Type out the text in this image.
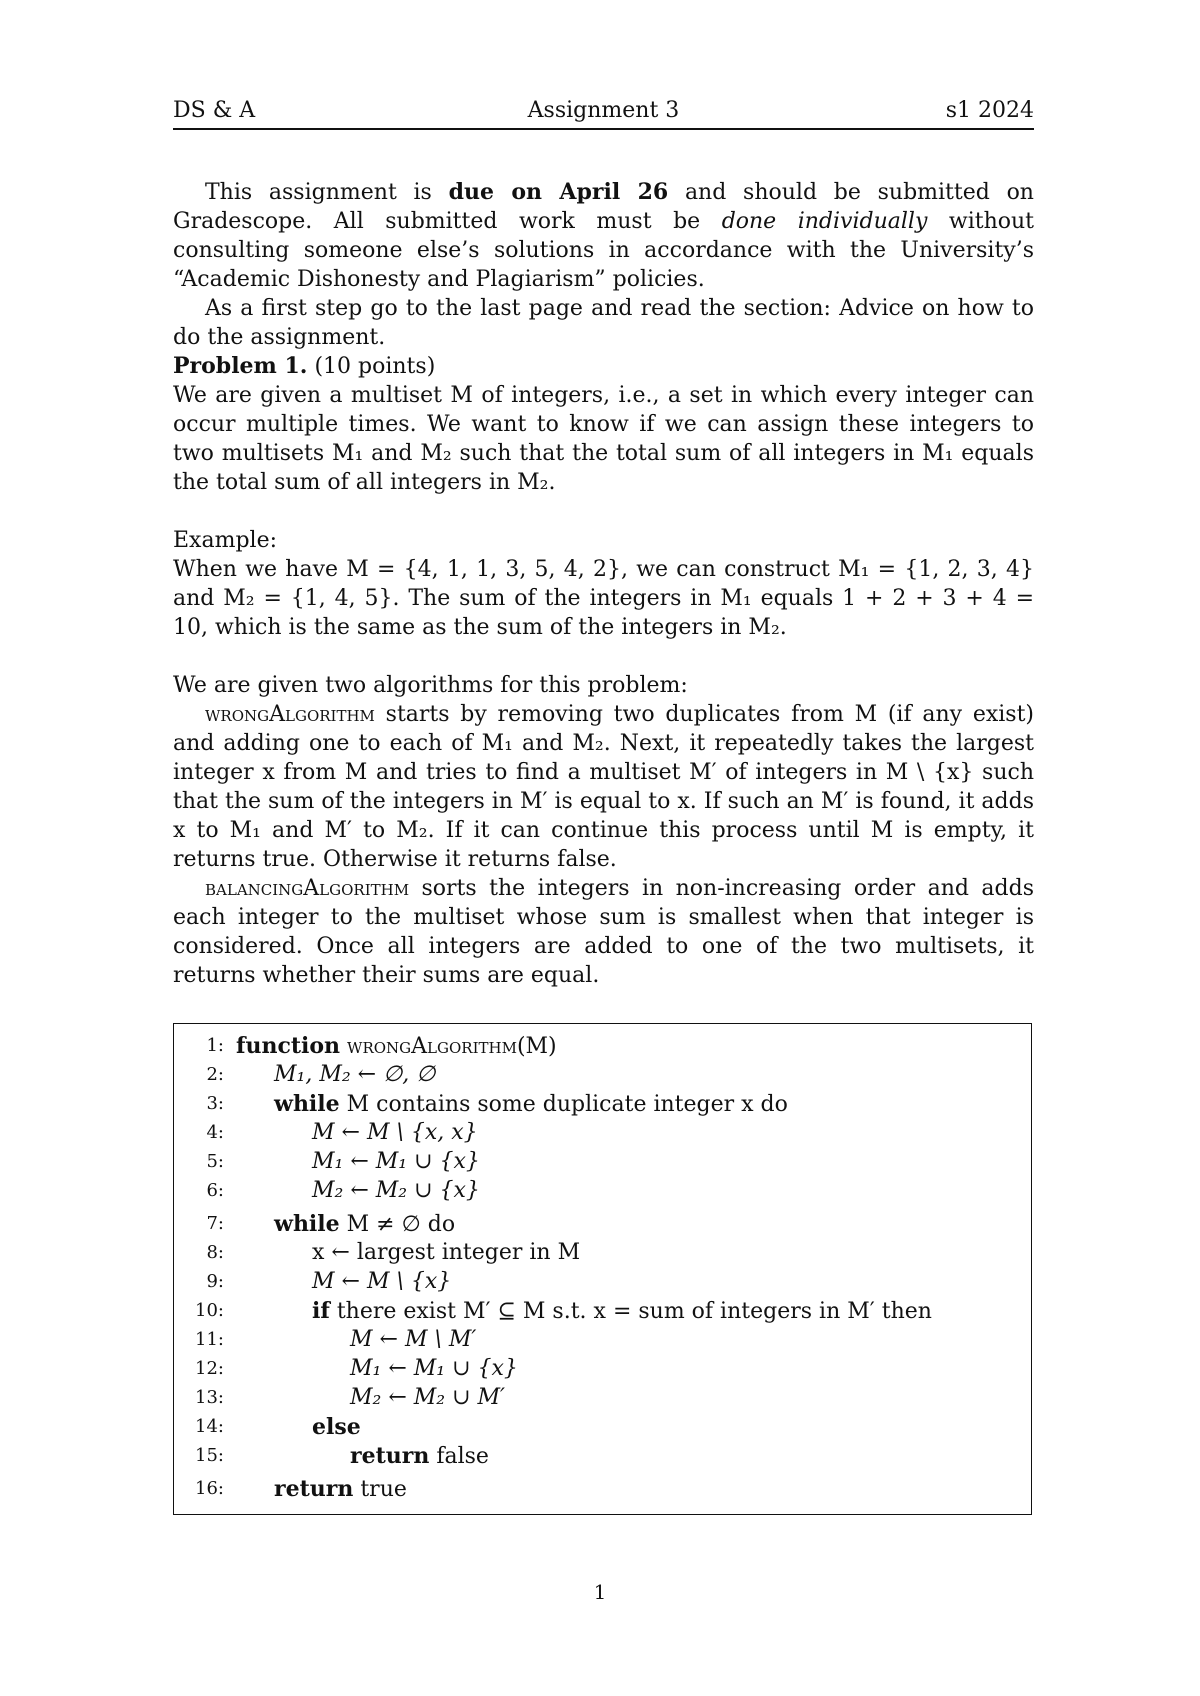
DS & A	Assignment 3	s1 2024

This assignment is due on April 26 and should be submitted on Gradescope. All submitted work must be done individually without consulting someone else’s solutions in accordance with the University’s “Academic Dishonesty and Plagiarism” policies.

As a first step go to the last page and read the section: Advice on how to do the assignment.

Problem 1. (10 points)

We are given a multiset M of integers, i.e., a set in which every integer can occur multiple times. We want to know if we can assign these integers to two multisets M₁ and M₂ such that the total sum of all integers in M₁ equals the total sum of all integers in M₂.

Example:

When we have M = {4, 1, 1, 3, 5, 4, 2}, we can construct M₁ = {1, 2, 3, 4} and M₂ = {1, 4, 5}. The sum of the integers in M₁ equals 1 + 2 + 3 + 4 = 10, which is the same as the sum of the integers in M₂.

We are given two algorithms for this problem:

wrongAlgorithm starts by removing two duplicates from M (if any exist) and adding one to each of M₁ and M₂. Next, it repeatedly takes the largest integer x from M and tries to find a multiset M′ of integers in M \ {x} such that the sum of the integers in M′ is equal to x. If such an M′ is found, it adds x to M₁ and M′ to M₂. If it can continue this process until M is empty, it returns true. Otherwise it returns false.

balancingAlgorithm sorts the integers in non-increasing order and adds each integer to the multiset whose sum is smallest when that integer is considered. Once all integers are added to one of the two multisets, it returns whether their sums are equal.

1: function wrongAlgorithm(M)
2: M₁, M₂ ← ∅, ∅
3: while M contains some duplicate integer x do
4:	M ← M \ {x, x}
5:	M₁ ← M₁ ∪ {x}
6:	M₂ ← M₂ ∪ {x}
7: while M ≠ ∅ do
8:	x ← largest integer in M
9:	M ← M \ {x}
10:	if there exist M′ ⊆ M s.t. x = sum of integers in M′ then
11:	M ← M \ M′
12:	M₁ ← M₁ ∪ {x}
13:	M₂ ← M₂ ∪ M′
14:	else
15:	return false
16: return true
1
